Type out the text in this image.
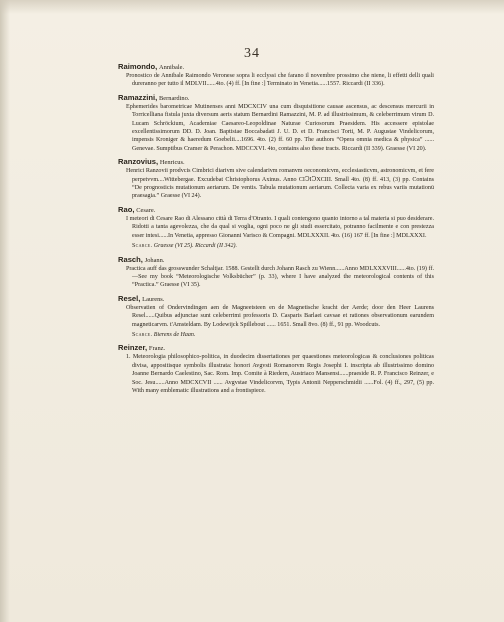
34
Raimondo, Annibale.
Pronostico de Annibale Raimondo Veronese sopra li ecclyssi che farano il novembre prossimo che niene, li effetti delli quali dureranno per tutto il MDLVII......4to. (4) ff. [In fine :] Terminato in Venetia......1557. Riccardi (II 336).
Ramazzini, Bernardino.
Ephemerides barometricae Mutinenses anni MDCXCIV una cum disquisitione causae ascensus, ac descensus mercurii in Torricelliana fistula juxta diversum aeris statum Bernardini Ramazzini, M. P. ad illustrissimum, & celeberrimum virum D. Lucam Schröckium, Academiae Caesareo-Leopoldinae Naturae Curiosorum Praesidem. His accessere epistolae excellentissimorum DD. D. Joan. Baptistae Boccabadati J. U. D. et D. Francisci Torti, M. P. Augustae Vindelicorum, impensis Kroniger & haeredum Goebelii....1696. 4to. (2) ff. 60 pp. The authors “Opera omnia medica & physica” ...... Genevae. Sumptibus Cramer & Perachon. MDCCXVI. 4to, contains also these tracts. Riccardi (II 339). Graesse (VI 20).
Ranzovius, Henricus.
Henrici Ranzovii prodvcis Cimbrici diarivm sive calendarivm romanvm oeconomicvm, ecclesiasticvm, astronomicvm, et fere perpetvvm....Wittebergae. Excudebat Christophorus Axinus. Anno CIↃIↃXCIII. Small 4to. (8) ff. 413, (3) pp. Contains “De prognosticis mutationum aeriarum. De ventis. Tabula mutationum aeriarum. Collecta varia ex rebus variis mutationū praesagia.” Graesse (VI 24).
Rao, Cesare.
I meteori di Cesare Rao di Alessano città di Terra d'Otranto. I quali contengono quanto intorno a tal materia si puo desiderare. Ridotti a tanta agevolezza, che da qual si voglia, ogni poco ne gli studi essercitato, potranno facilmente e con prestezza esser intesi......In Venetia, appresso Gionanni Varisco & Compagni. MDLXXXII. 4to. (16) 167 ff. [In fine :] MDLXXXI.
Scarce. Graesse (VI 25). Riccardi (II 342).
Rasch, Johann.
Practica auff das grosswunder Schaltjar. 1588. Gestellt durch Johann Rasch zu Wienn......Anno MDLXXXVIII......4to. (19) ff.—See my book “Meteorologische Volksbücher” (p. 33), where I have analyzed the meteorological contents of this “Practica.” Graesse (VI 35).
Resel, Laurens.
Observatien of Ondervindingen aen de Magneetsteen en de Magnetische kracht der Aerde; door den Heer Laurens Resel......Quibus adjunctae sunt celeberrimi professoris D. Casparis Barlaei cavsae et rationes observationum earundem magneticarvm. t'Amsteldam. By Lodewijck Spillebout ...... 1651. Small 8vo. (8) ff., 91 pp. Woodcuts.
Scarce. Bierens de Haan.
Reinzer, Franz.
1. Meteorologia philosophico-politica, in duodecim dissertationes per quaestiones meteorologicas & conclusiones politicas divisa, appositisque symbolis illustrata: honori Avgvsti Romanorvm Regis Josephi I. inscripta ab illustrissimo domino Joanne Bernardo Caelestino, Sac. Rom. Imp. Comite à Riedern, Austriaco Mansensi......praeside R. P. Francisco Reinzer, e Soc. Jesu......Anno MDCXCVII ...... Avgvstae Vindelicorvm, Typis Antonii Nepperschmidii ......Fol. (4) ff., 297, (5) pp. With many emblematic illustrations and a frontispiece.
